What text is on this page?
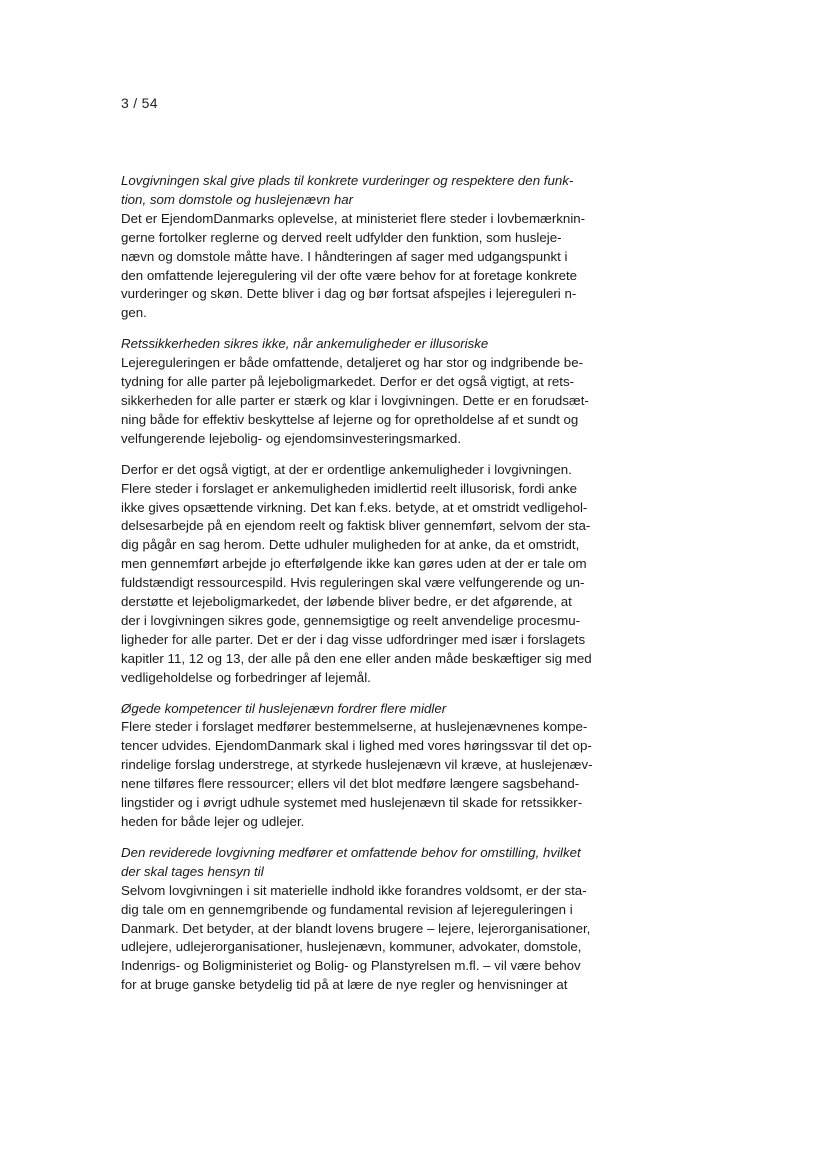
3 / 54

Lovgivningen skal give plads til konkrete vurderinger og respektere den funk-
tion, som domstole og huslejenævn har

Det er EjendomDanmarks oplevelse, at ministeriet flere steder i lovbemærknin-
gerne fortolker reglerne og derved reelt udfylder den funktion, som husleje-
nævn og domstole måtte have. I håndteringen af sager med udgangspunkt i
den omfattende lejeregulering vil der ofte være behov for at foretage konkrete
vurderinger og skøn. Dette bliver i dag og bør fortsat afspejles i lejereguleri n-
gen.

Retssikkerheden sikres ikke, når ankemuligheder er illusoriske

Lejereguleringen er både omfattende, detaljeret og har stor og indgribende be-
tydning for alle parter på lejeboligmarkedet. Derfor er det også vigtigt, at rets-
sikkerheden for alle parter er stærk og klar i lovgivningen. Dette er en forudsæt-
ning både for effektiv beskyttelse af lejerne og for opretholdelse af et sundt og
velfungerende lejebolig- og ejendomsinvesteringsmarked.

Derfor er det også vigtigt, at der er ordentlige ankemuligheder i lovgivningen.
Flere steder i forslaget er ankemuligheden imidlertid reelt illusorisk, fordi anke
ikke gives opsættende virkning. Det kan f.eks. betyde, at et omstridt vedligehol-
delsesarbejde på en ejendom reelt og faktisk bliver gennemført, selvom der sta-
dig pågår en sag herom. Dette udhuler muligheden for at anke, da et omstridt,
men gennemført arbejde jo efterfølgende ikke kan gøres uden at der er tale om
fuldstændigt ressourcespild. Hvis reguleringen skal være velfungerende og un-
derstøtte et lejeboligmarkedet, der løbende bliver bedre, er det afgørende, at
der i lovgivningen sikres gode, gennemsigtige og reelt anvendelige procesmu-
ligheder for alle parter. Det er der i dag visse udfordringer med især i forslagets
kapitler 11, 12 og 13, der alle på den ene eller anden måde beskæftiger sig med
vedligeholdelse og forbedringer af lejemål.

Øgede kompetencer til huslejenævn fordrer flere midler

Flere steder i forslaget medfører bestemmelserne, at huslejenævnenes kompe-
tencer udvides. EjendomDanmark skal i lighed med vores høringssvar til det op-
rindelige forslag understrege, at styrkede huslejenævn vil kræve, at huslejenæv-
nene tilføres flere ressourcer; ellers vil det blot medføre længere sagsbehand-
lingstider og i øvrigt udhule systemet med huslejenævn til skade for retssikker-
heden for både lejer og udlejer.

Den reviderede lovgivning medfører et omfattende behov for omstilling, hvilket
der skal tages hensyn til

Selvom lovgivningen i sit materielle indhold ikke forandres voldsomt, er der sta-
dig tale om en gennemgribende og fundamental revision af lejereguleringen i
Danmark. Det betyder, at der blandt lovens brugere – lejere, lejerorganisationer,
udlejere, udlejerorganisationer, huslejenævn, kommuner, advokater, domstole,
Indenrigs- og Boligministeriet og Bolig- og Planstyrelsen m.fl. – vil være behov
for at bruge ganske betydelig tid på at lære de nye regler og henvisninger at
